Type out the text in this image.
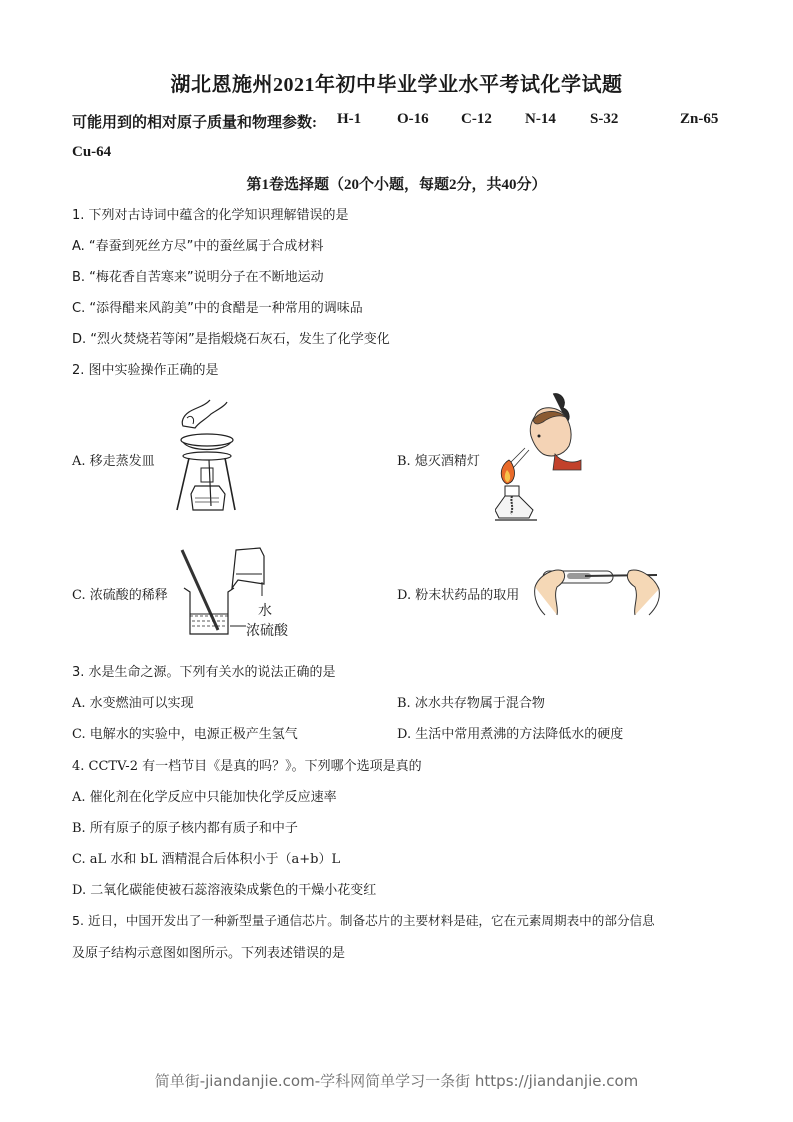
湖北恩施州2021年初中毕业学业水平考试化学试题
可能用到的相对原子质量和物理参数: H-1 O-16 C-12 N-14 S-32	Zn-65
Cu-64
第1卷选择题（20个小题，每题2分，共40分）
1. 下列对古诗词中蕴含的化学知识理解错误的是
A. “春蚕到死丝方尽”中的蚕丝属于合成材料
B. “梅花香自苦寒来”说明分子在不断地运动
C. “添得醋来风韵美”中的食醋是一种常用的调味品
D. “烈火焚烧若等闲”是指煅烧石灰石，发生了化学变化
2. 图中实验操作正确的是
A. 移走蒸发皿	B. 熄灭酒精灯
C. 浓硫酸的稀释
水
浓硫酸
D. 粉末状药品的取用
3. 水是生命之源。下列有关水的说法正确的是
A. 水变燃油可以实现	B. 冰水共存物属于混合物
C. 电解水的实验中，电源正极产生氢气	D. 生活中常用煮沸的方法降低水的硬度
4. CCTV-2 有一档节目《是真的吗？》。下列哪个选项是真的
A. 催化剂在化学反应中只能加快化学反应速率
B. 所有原子的原子核内都有质子和中子
C. aL 水和 bL 酒精混合后体积小于（a+b）L
D. 二氧化碳能使被石蕊溶液染成紫色的干燥小花变红
5. 近日，中国开发出了一种新型量子通信芯片。制备芯片的主要材料是硅，它在元素周期表中的部分信息
及原子结构示意图如图所示。下列表述错误的是
简单街-jiandanjie.com-学科网简单学习一条街 https://jiandanjie.com
